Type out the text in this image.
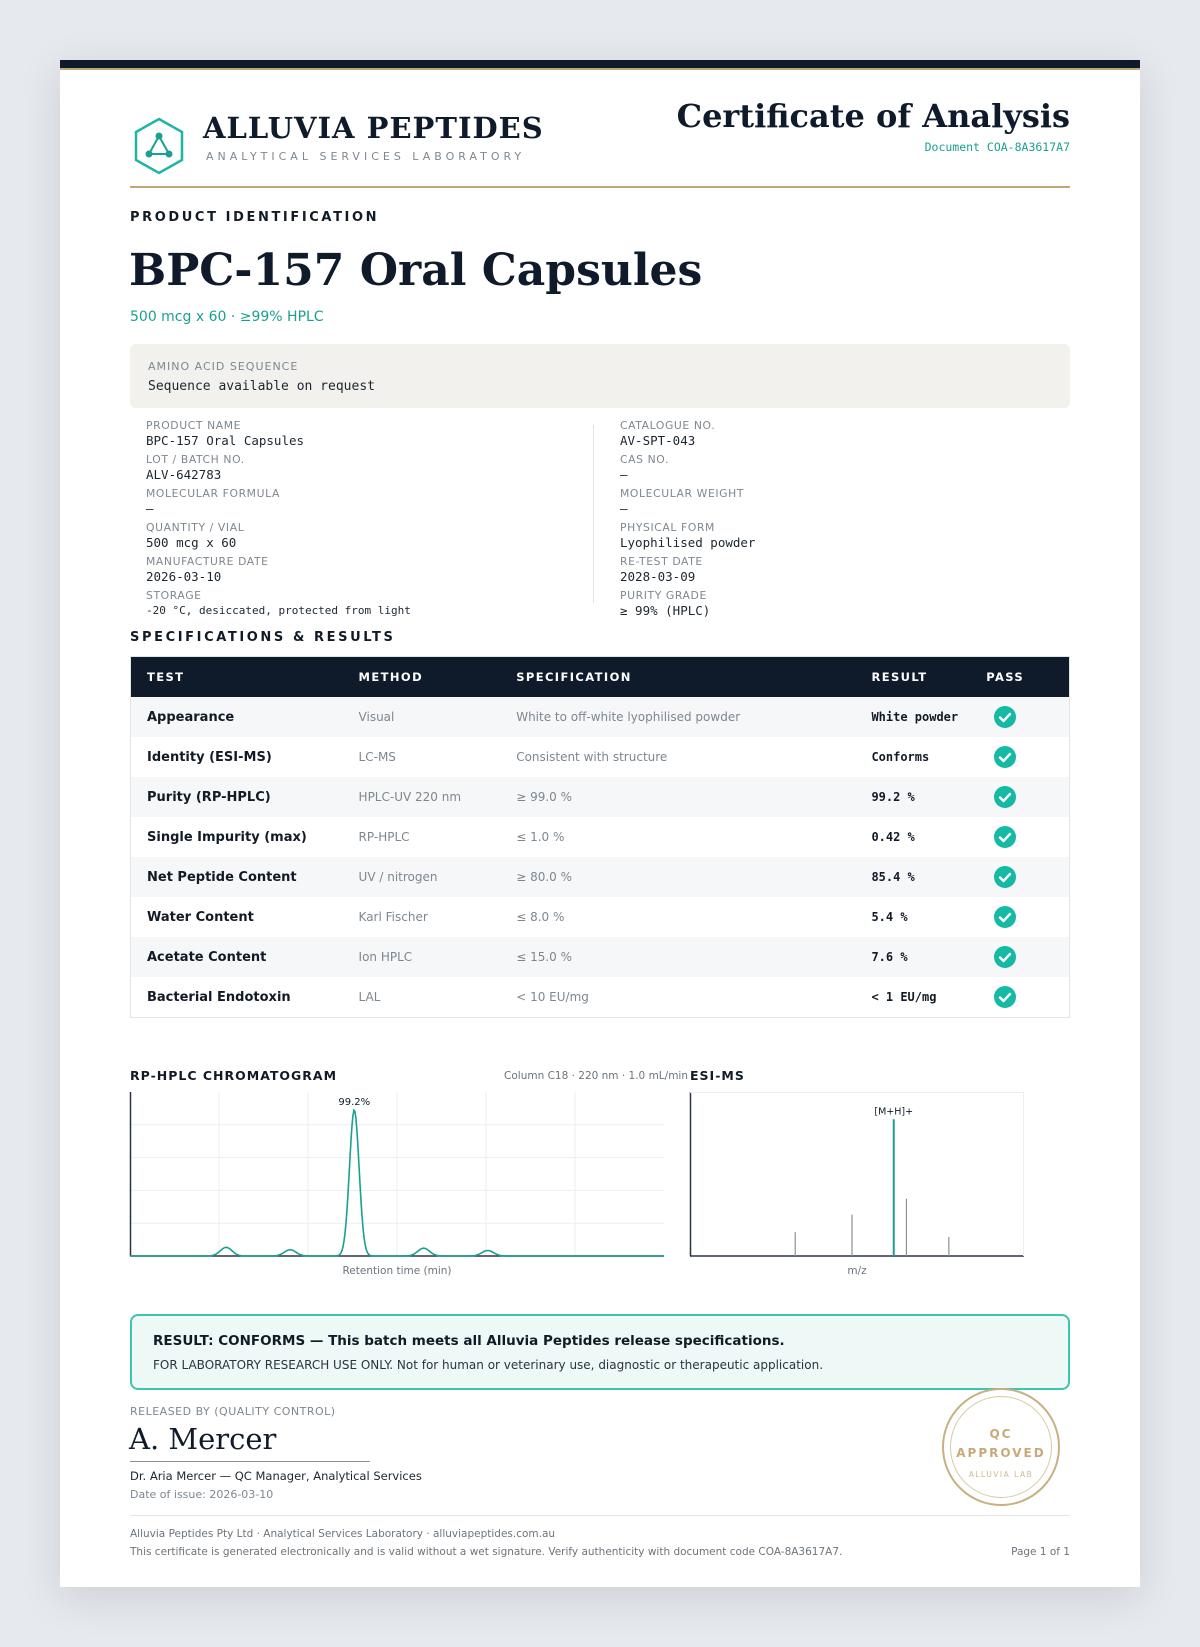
ALLUVIA PEPTIDES
ANALYTICAL SERVICES LABORATORY
Certificate of Analysis
Document COA-8A3617A7
PRODUCT IDENTIFICATION
BPC-157 Oral Capsules
500 mcg x 60 · ≥99% HPLC
AMINO ACID SEQUENCE
Sequence available on request
PRODUCT NAME
BPC-157 Oral Capsules
LOT / BATCH NO.
ALV-642783
MOLECULAR FORMULA
—
QUANTITY / VIAL
500 mcg x 60
MANUFACTURE DATE
2026-03-10
STORAGE
-20 °C, desiccated, protected from light
CATALOGUE NO.
AV-SPT-043
CAS NO.
—
MOLECULAR WEIGHT
—
PHYSICAL FORM
Lyophilised powder
RE-TEST DATE
2028-03-09
PURITY GRADE
≥ 99% (HPLC)
SPECIFICATIONS & RESULTS
TEST	METHOD	SPECIFICATION	RESULT	PASS
Appearance	Visual	White to off-white lyophilised powder	White powder
Identity (ESI-MS)	LC-MS	Consistent with structure	Conforms
Purity (RP-HPLC)	HPLC-UV 220 nm	≥ 99.0 %	99.2 %
Single Impurity (max)	RP-HPLC	≤ 1.0 %	0.42 %
Net Peptide Content	UV / nitrogen	≥ 80.0 %	85.4 %
Water Content	Karl Fischer	≤ 8.0 %	5.4 %
Acetate Content	Ion HPLC	≤ 15.0 %	7.6 %
Bacterial Endotoxin	LAL	< 10 EU/mg	< 1 EU/mg
RP-HPLC CHROMATOGRAM	Column C18 · 220 nm · 1.0 mL/min
99.2%
Retention time (min)
ESI-MS
[M+H]+
m/z
RESULT: CONFORMS — This batch meets all Alluvia Peptides release specifications.
FOR LABORATORY RESEARCH USE ONLY. Not for human or veterinary use, diagnostic or therapeutic application.
RELEASED BY (QUALITY CONTROL)
A. Mercer
Dr. Aria Mercer — QC Manager, Analytical Services
Date of issue: 2026-03-10
QC
APPROVED
ALLUVIA LAB
Alluvia Peptides Pty Ltd · Analytical Services Laboratory · alluviapeptides.com.au
This certificate is generated electronically and is valid without a wet signature. Verify authenticity with document code COA-8A3617A7.	Page 1 of 1
